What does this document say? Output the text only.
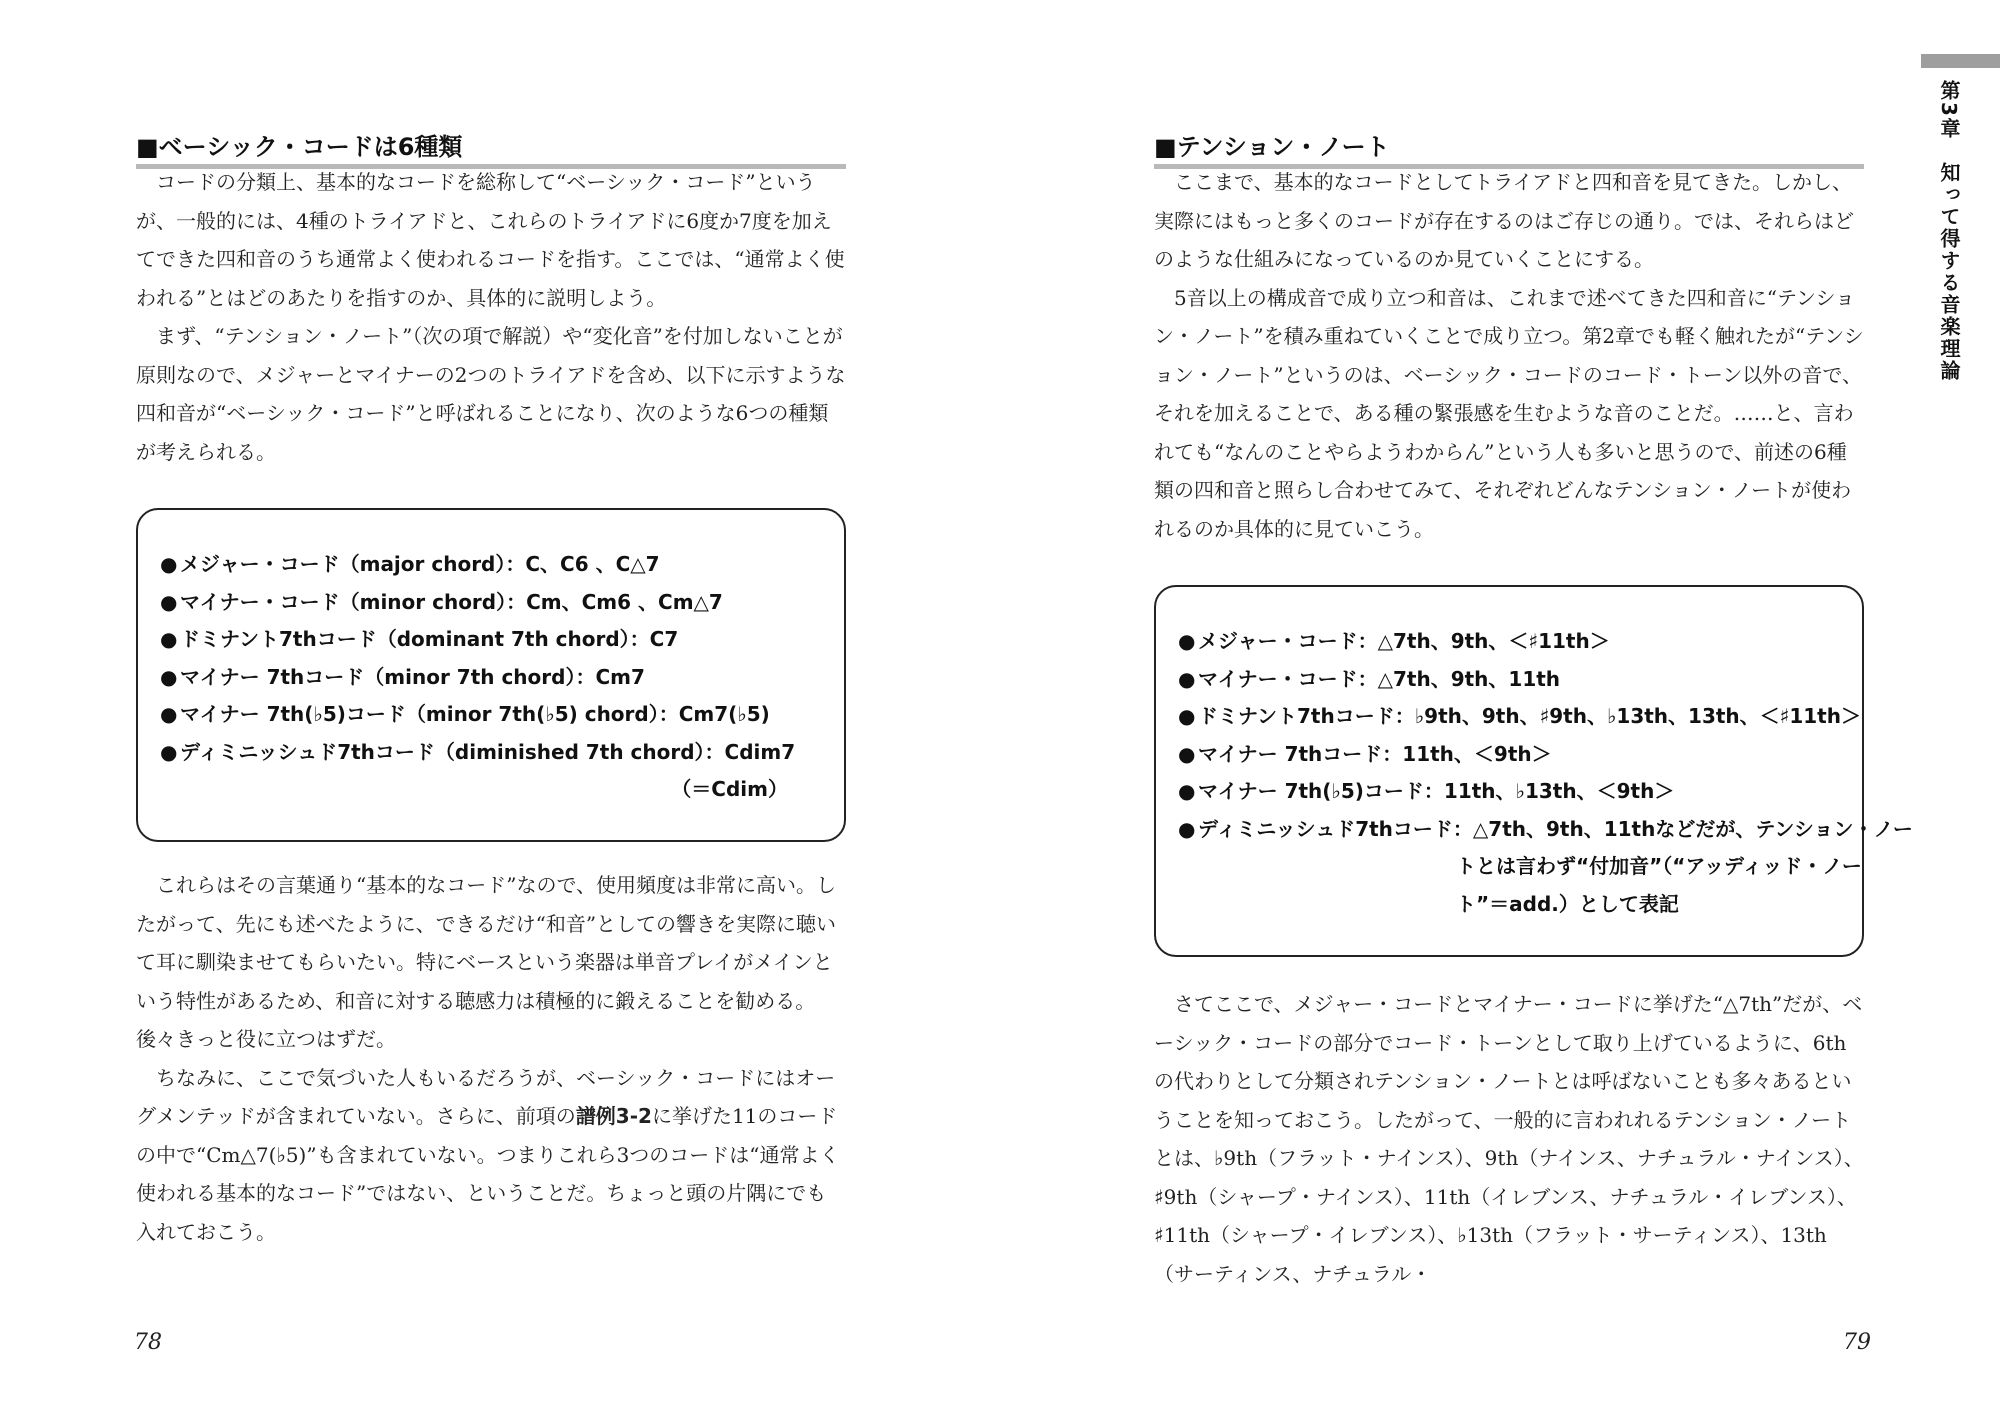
■ベーシック・コードは6種類

コードの分類上、基本的なコードを総称して“ベーシック・コード”というが、一般的には、4種のトライアドと、これらのトライアドに6度か7度を加えてできた四和音のうち通常よく使われるコードを指す。ここでは、“通常よく使われる”とはどのあたりを指すのか、具体的に説明しよう。

まず、“テンション・ノート”（次の項で解説）や“変化音”を付加しないことが原則なので、メジャーとマイナーの2つのトライアドを含め、以下に示すような四和音が“ベーシック・コード”と呼ばれることになり、次のような6つの種類が考えられる。

● メジャー・コード（major chord）：C、C6 、C△7
● マイナー・コード（minor chord）：Cm、Cm6 、Cm△7
● ドミナント7thコード（dominant 7th chord）：C7
● マイナー 7thコード（minor 7th chord）：Cm7
● マイナー 7th(♭5)コード（minor 7th(♭5) chord）：Cm7(♭5)
● ディミニッシュド7thコード（diminished 7th chord）：Cdim7
（＝Cdim）

これらはその言葉通り“基本的なコード”なので、使用頻度は非常に高い。したがって、先にも述べたように、できるだけ“和音”としての響きを実際に聴いて耳に馴染ませてもらいたい。特にベースという楽器は単音プレイがメインという特性があるため、和音に対する聴感力は積極的に鍛えることを勧める。後々きっと役に立つはずだ。

ちなみに、ここで気づいた人もいるだろうが、ベーシック・コードにはオーグメンテッドが含まれていない。さらに、前項の譜例3-2に挙げた11のコードの中で“Cm△7(♭5)”も含まれていない。つまりこれら3つのコードは“通常よく使われる基本的なコード”ではない、ということだ。ちょっと頭の片隅にでも入れておこう。

78
■テンション・ノート

ここまで、基本的なコードとしてトライアドと四和音を見てきた。しかし、実際にはもっと多くのコードが存在するのはご存じの通り。では、それらはどのような仕組みになっているのか見ていくことにする。

5音以上の構成音で成り立つ和音は、これまで述べてきた四和音に“テンション・ノート”を積み重ねていくことで成り立つ。第2章でも軽く触れたが“テンション・ノート”というのは、ベーシック・コードのコード・トーン以外の音で、それを加えることで、ある種の緊張感を生むような音のことだ。……と、言われても“なんのことやらようわからん”という人も多いと思うので、前述の6種類の四和音と照らし合わせてみて、それぞれどんなテンション・ノートが使われるのか具体的に見ていこう。

● メジャー・コード：△7th、9th、＜♯11th＞
● マイナー・コード：△7th、9th、11th
● ドミナント7thコード：♭9th、9th、♯9th、♭13th、13th、＜♯11th＞
● マイナー 7thコード：11th、＜9th＞
● マイナー 7th(♭5)コード：11th、♭13th、＜9th＞
● ディミニッシュド7thコード：△7th、9th、11thなどだが、テンション・ノー
トとは言わず“付加音”（“アッディッド・ノー
ト”＝add.）として表記

さてここで、メジャー・コードとマイナー・コードに挙げた“△7th”だが、ベーシック・コードの部分でコード・トーンとして取り上げているように、6thの代わりとして分類されテンション・ノートとは呼ばないことも多々あるということを知っておこう。したがって、一般的に言われれるテンション・ノートとは、♭9th（フラット・ナインス）、9th（ナインス、ナチュラル・ナインス）、♯9th（シャープ・ナインス）、11th（イレブンス、ナチュラル・イレブンス）、♯11th（シャープ・イレブンス）、♭13th（フラット・サーティンス）、13th（サーティンス、ナチュラル・

79
第3章　知って得する音楽理論
